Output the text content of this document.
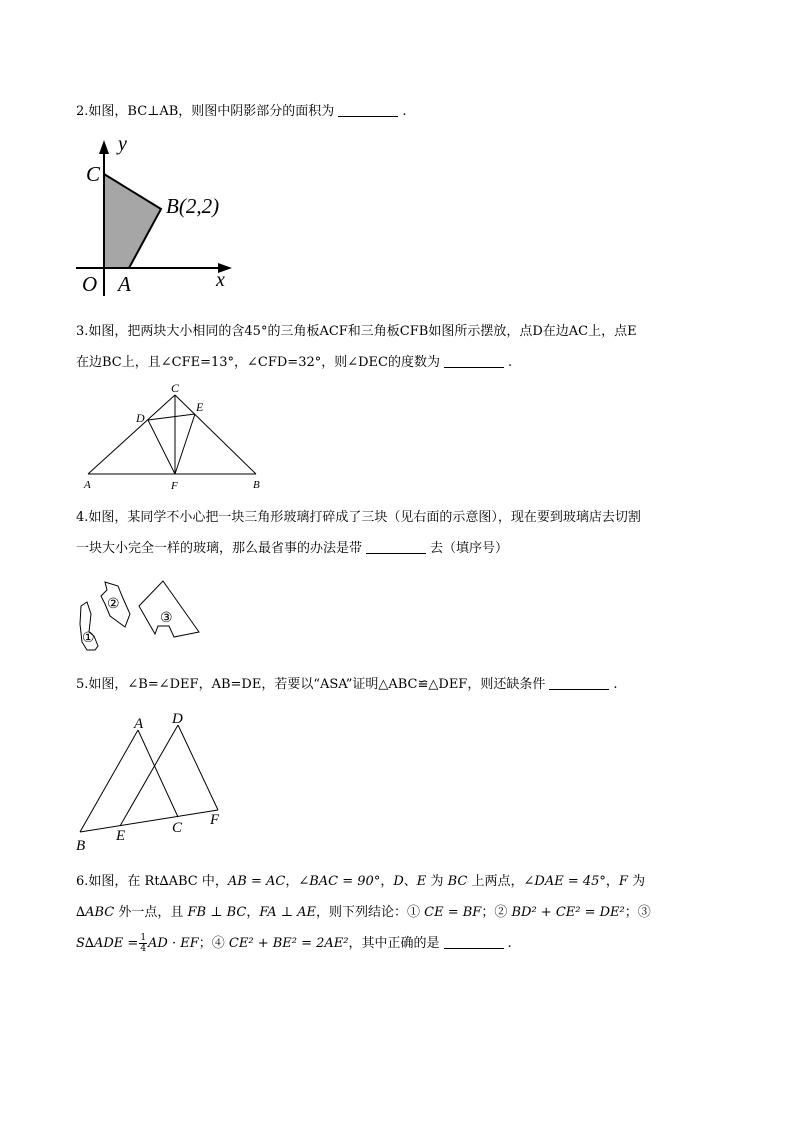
2.如图，BC⊥AB，则图中阴影部分的面积为	.
y
x
C
B(2,2)
O A
3.如图，把两块大小相同的含45°的三角板ACF和三角板CFB如图所示摆放，点D在边AC上，点E
在边BC上，且∠CFE=13°，∠CFD=32°，则∠DEC的度数为	.
C
D
E
A	F	B
4.如图，某同学不小心把一块三角形玻璃打碎成了三块（见右面的示意图），现在要到玻璃店去切割
一块大小完全一样的玻璃，那么最省事的办法是带	去（填序号）
①
②
③
5.如图，∠B=∠DEF，AB=DE，若要以“ASA”证明△ABC≌△DEF，则还缺条件	.
A D
B
E	C F
6.如图，在 Rt∆ABC 中，AB = AC，∠BAC = 90°，D、E 为 BC 上两点，∠DAE = 45°，F 为
∆ABC 外一点，且 FB ⊥ BC，FA ⊥ AE，则下列结论：① CE = BF；② BD² + CE² = DE²；③
$S\Delta ADE = \frac{1}{4}$ AD · EF；④ CE² + BE² = 2AE²，其中正确的是	.
